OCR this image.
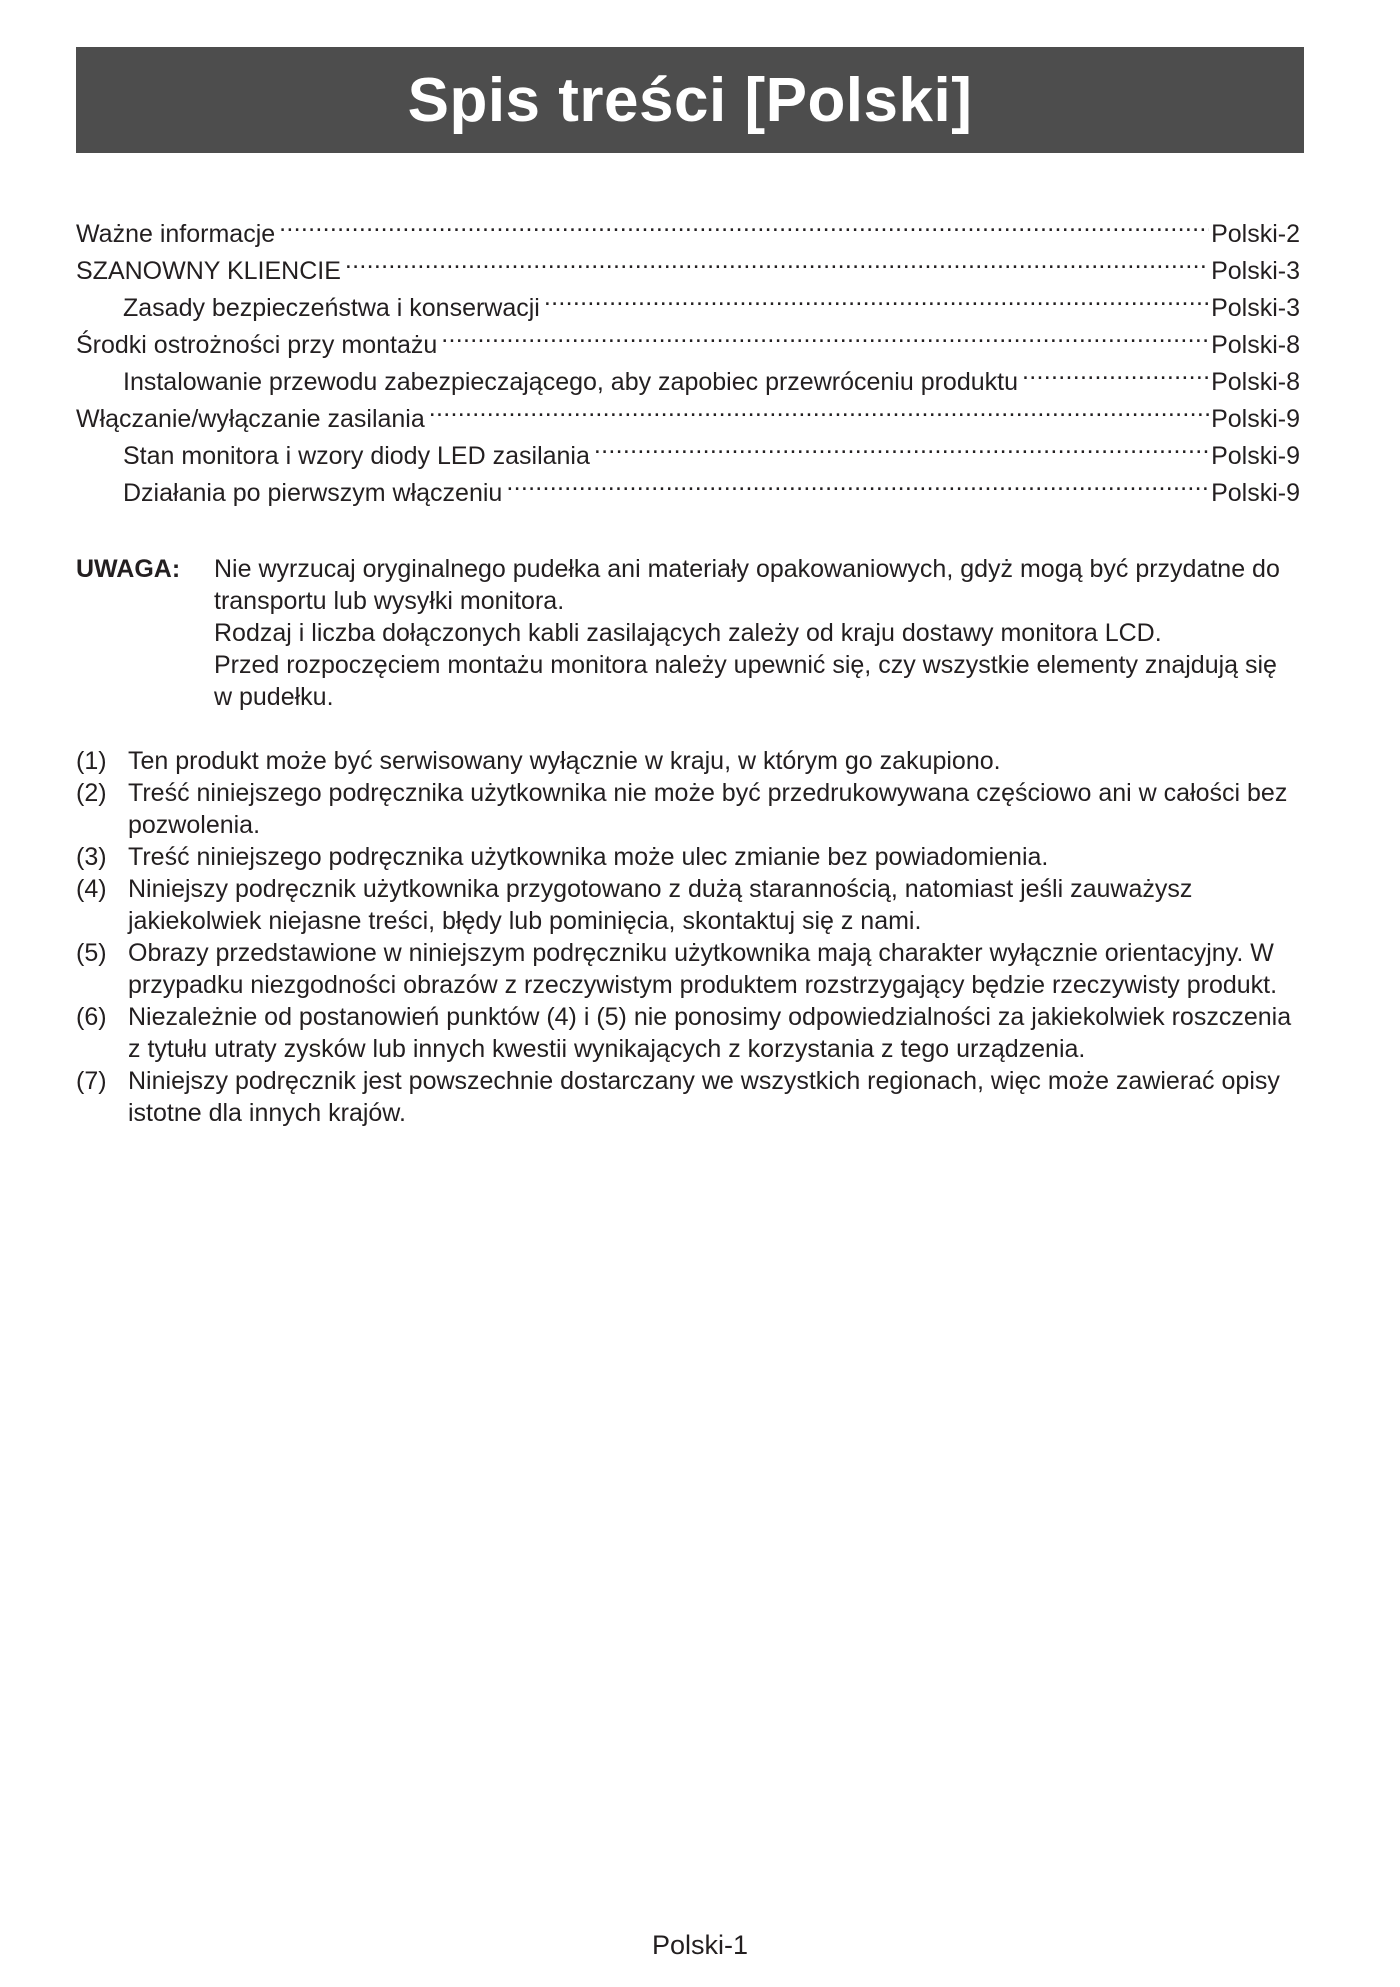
Spis treści [Polski]
Ważne informacje .....	Polski-2
SZANOWNY KLIENCIE .....	Polski-3
Zasady bezpieczeństwa i konserwacji .....	Polski-3
Środki ostrożności przy montażu .....	Polski-8
Instalowanie przewodu zabezpieczającego, aby zapobiec przewróceniu produktu .....	Polski-8
Włączanie/wyłączanie zasilania .....	Polski-9
Stan monitora i wzory diody LED zasilania .....	Polski-9
Działania po pierwszym włączeniu .....	Polski-9
UWAGA:	Nie wyrzucaj oryginalnego pudełka ani materiały opakowaniowych, gdyż mogą być przydatne do transportu lub wysyłki monitora.

Rodzaj i liczba dołączonych kabli zasilających zależy od kraju dostawy monitora LCD.

Przed rozpoczęciem montażu monitora należy upewnić się, czy wszystkie elementy znajdują się w pudełku.

(1) Ten produkt może być serwisowany wyłącznie w kraju, w którym go zakupiono.
(2) Treść niniejszego podręcznika użytkownika nie może być przedrukowywana częściowo ani w całości bez pozwolenia.
(3) Treść niniejszego podręcznika użytkownika może ulec zmianie bez powiadomienia.
(4) Niniejszy podręcznik użytkownika przygotowano z dużą starannością, natomiast jeśli zauważysz jakiekolwiek niejasne treści, błędy lub pominięcia, skontaktuj się z nami.
(5) Obrazy przedstawione w niniejszym podręczniku użytkownika mają charakter wyłącznie orientacyjny. W przypadku niezgodności obrazów z rzeczywistym produktem rozstrzygający będzie rzeczywisty produkt.
(6) Niezależnie od postanowień punktów (4) i (5) nie ponosimy odpowiedzialności za jakiekolwiek roszczenia z tytułu utraty zysków lub innych kwestii wynikających z korzystania z tego urządzenia.
(7) Niniejszy podręcznik jest powszechnie dostarczany we wszystkich regionach, więc może zawierać opisy istotne dla innych krajów.
Polski-1
